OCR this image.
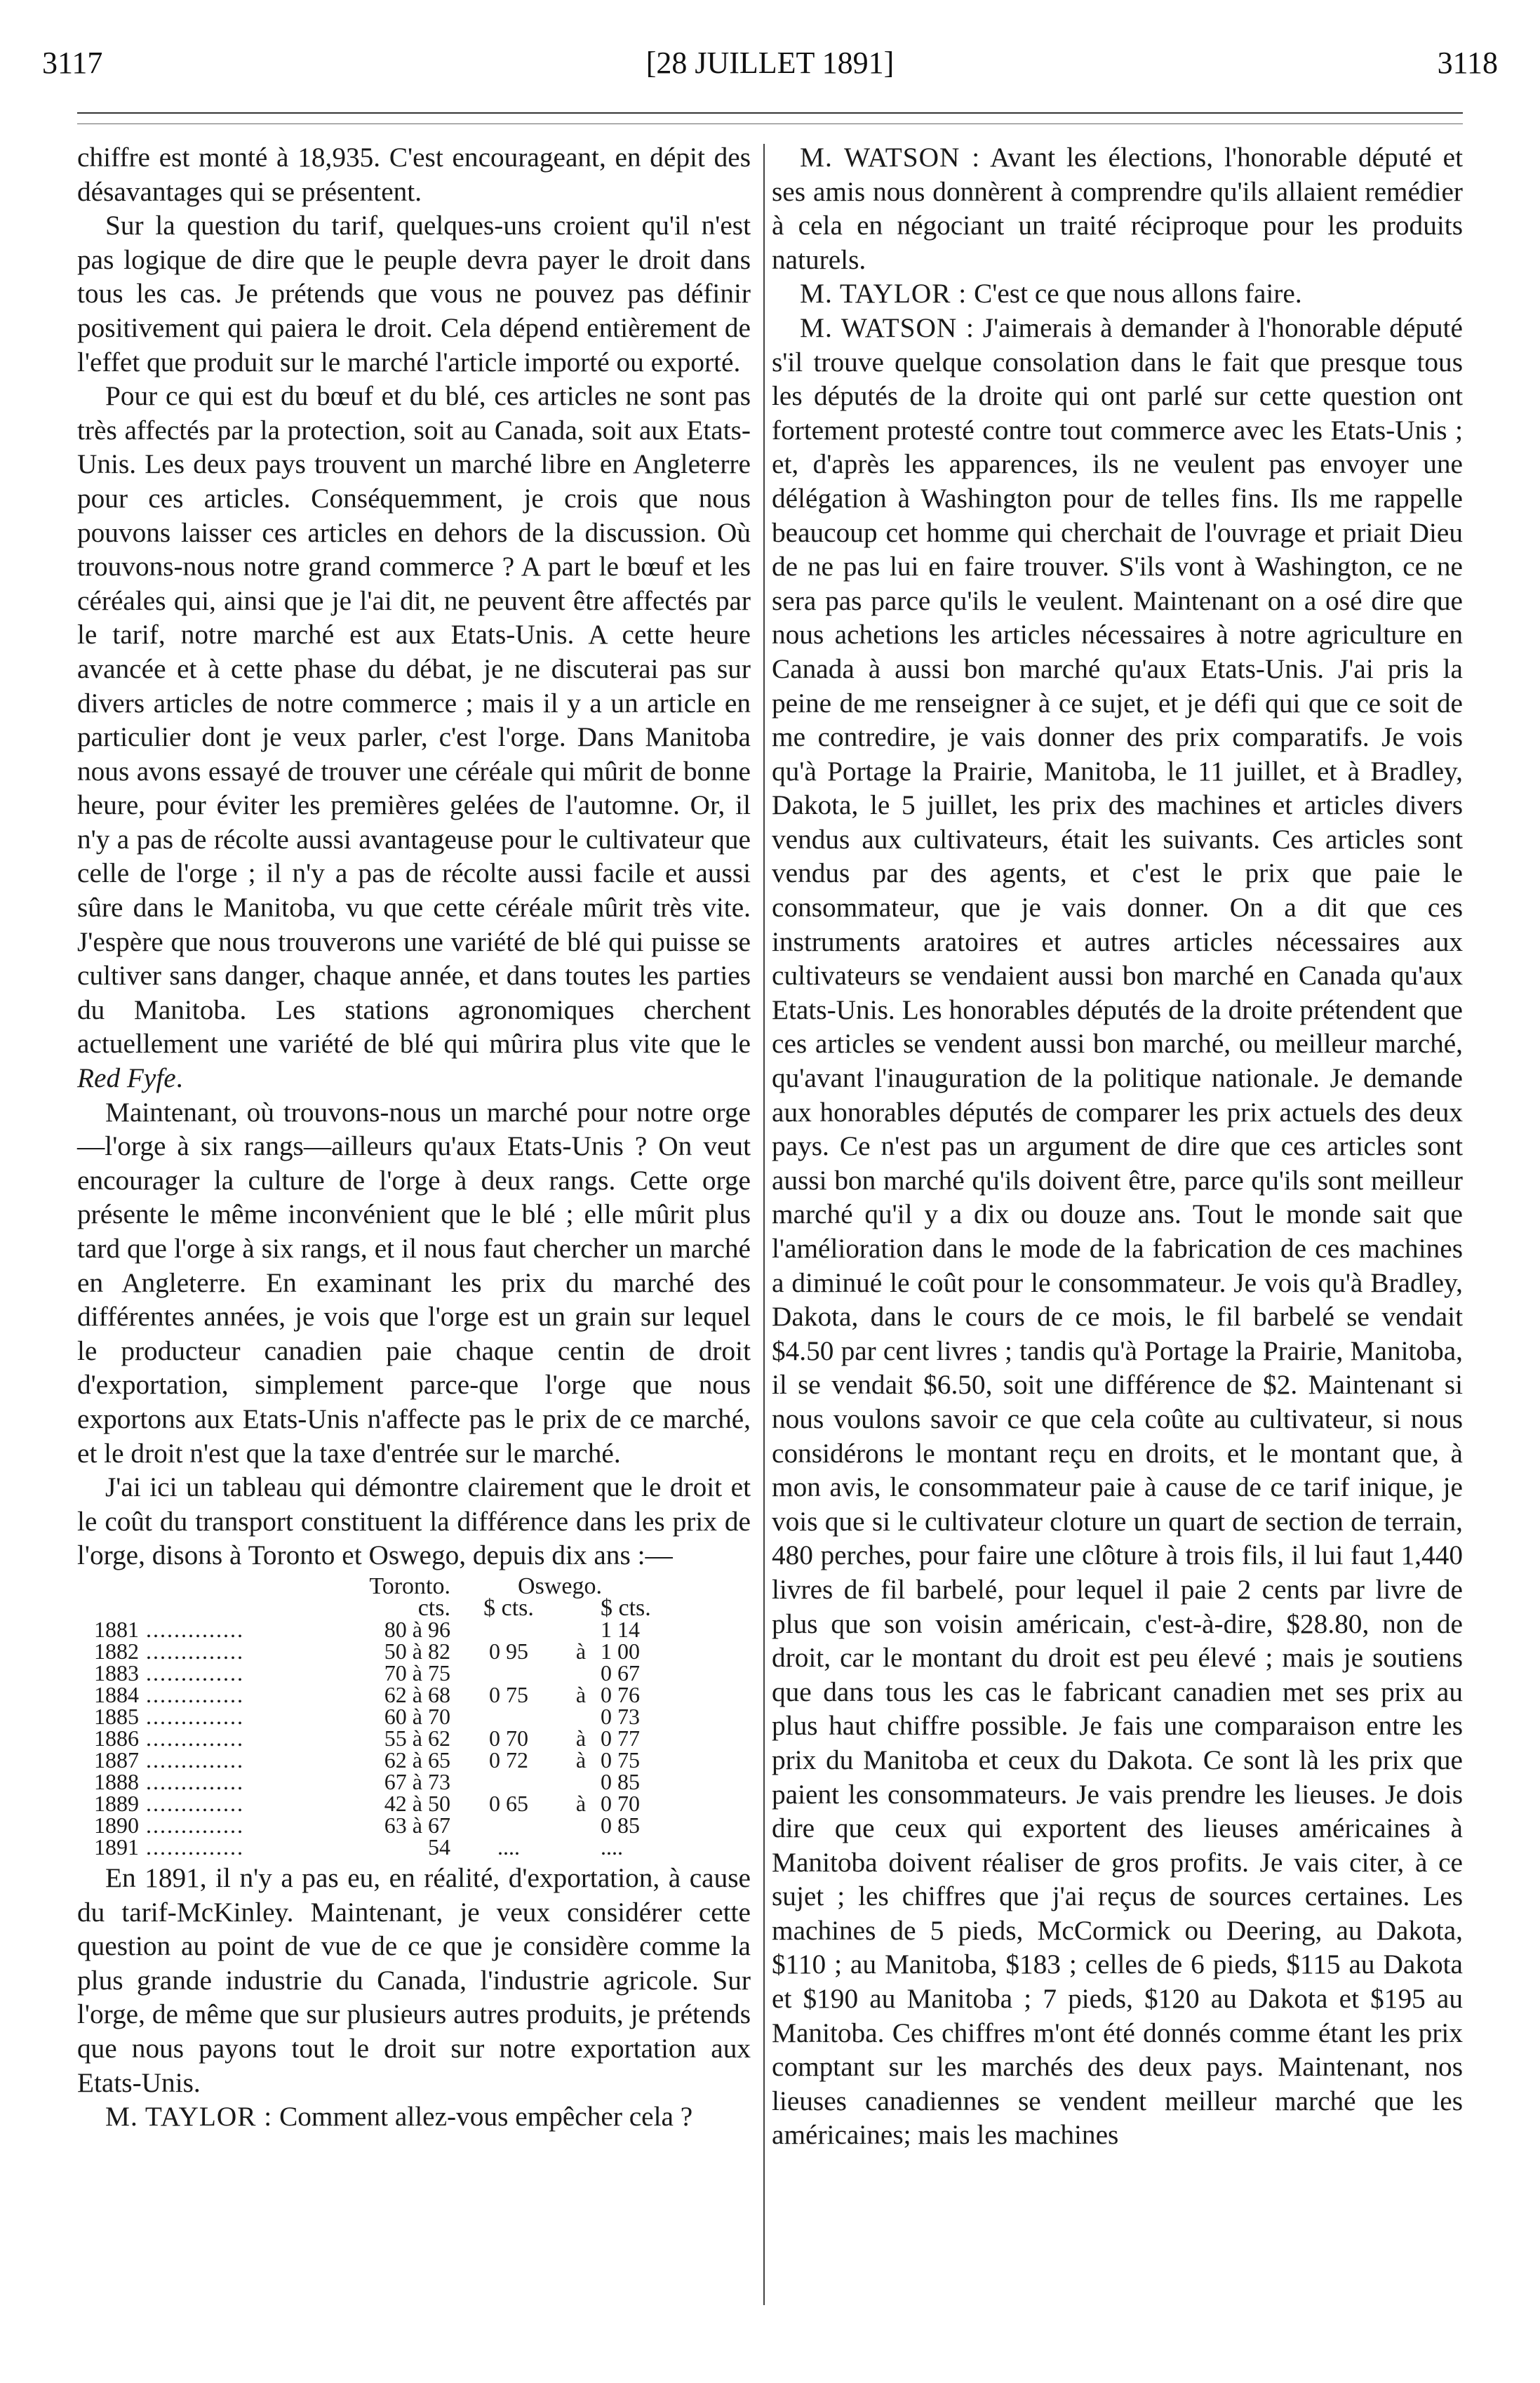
3117	[28 JUILLET 1891]	3118

chiffre est monté à 18,935. C'est encourageant, en dépit des désavantages qui se présentent.

Sur la question du tarif, quelques-uns croient qu'il n'est pas logique de dire que le peuple devra payer le droit dans tous les cas. Je prétends que vous ne pouvez pas définir positivement qui paiera le droit. Cela dépend entièrement de l'effet que produit sur le marché l'article importé ou exporté.

Pour ce qui est du bœuf et du blé, ces articles ne sont pas très affectés par la protection, soit au Canada, soit aux Etats-Unis. Les deux pays trouvent un marché libre en Angleterre pour ces articles. Conséquemment, je crois que nous pouvons laisser ces articles en dehors de la discussion. Où trouvons-nous notre grand commerce ? A part le bœuf et les céréales qui, ainsi que je l'ai dit, ne peuvent être affectés par le tarif, notre marché est aux Etats-Unis. A cette heure avancée et à cette phase du débat, je ne discuterai pas sur divers articles de notre commerce ; mais il y a un article en particulier dont je veux parler, c'est l'orge. Dans Manitoba nous avons essayé de trouver une céréale qui mûrit de bonne heure, pour éviter les premières gelées de l'automne. Or, il n'y a pas de récolte aussi avantageuse pour le cultivateur que celle de l'orge ; il n'y a pas de récolte aussi facile et aussi sûre dans le Manitoba, vu que cette céréale mûrit très vite. J'espère que nous trouverons une variété de blé qui puisse se cultiver sans danger, chaque année, et dans toutes les parties du Manitoba. Les stations agronomiques cherchent actuellement une variété de blé qui mûrira plus vite que le Red Fyfe.

Maintenant, où trouvons-nous un marché pour notre orge—l'orge à six rangs—ailleurs qu'aux Etats-Unis ? On veut encourager la culture de l'orge à deux rangs. Cette orge présente le même inconvénient que le blé ; elle mûrit plus tard que l'orge à six rangs, et il nous faut chercher un marché en Angleterre. En examinant les prix du marché des différentes années, je vois que l'orge est un grain sur lequel le producteur canadien paie chaque centin de droit d'exportation, simplement parce-que l'orge que nous exportons aux Etats-Unis n'affecte pas le prix de ce marché, et le droit n'est que la taxe d'entrée sur le marché.

J'ai ici un tableau qui démontre clairement que le droit et le coût du transport constituent la différence dans les prix de l'orge, disons à Toronto et Oswego, depuis dix ans :—

	Toronto.	Oswego.		
	cts.	$ cts.		$ cts.
1881 ..............	80 à 96			1 14
1882 ..............	50 à 82	0 95	à	1 00
1883 ..............	70 à 75			0 67
1884 ..............	62 à 68	0 75	à	0 76
1885 ..............	60 à 70			0 73
1886 ..............	55 à 62	0 70	à	0 77
1887 ..............	62 à 65	0 72	à	0 75
1888 ..............	67 à 73			0 85
1889 ..............	42 à 50	0 65	à	0 70
1890 ..............	63 à 67			0 85
1891 ..............	54	....		....

En 1891, il n'y a pas eu, en réalité, d'exportation, à cause du tarif-McKinley. Maintenant, je veux considérer cette question au point de vue de ce que je considère comme la plus grande industrie du Canada, l'industrie agricole. Sur l'orge, de même que sur plusieurs autres produits, je prétends que nous payons tout le droit sur notre exportation aux Etats-Unis.

M. TAYLOR : Comment allez-vous empêcher cela ?

M. WATSON : Avant les élections, l'honorable député et ses amis nous donnèrent à comprendre qu'ils allaient remédier à cela en négociant un traité réciproque pour les produits naturels.

M. TAYLOR : C'est ce que nous allons faire.

M. WATSON : J'aimerais à demander à l'honorable député s'il trouve quelque consolation dans le fait que presque tous les députés de la droite qui ont parlé sur cette question ont fortement protesté contre tout commerce avec les Etats-Unis ; et, d'après les apparences, ils ne veulent pas envoyer une délégation à Washington pour de telles fins. Ils me rappelle beaucoup cet homme qui cherchait de l'ouvrage et priait Dieu de ne pas lui en faire trouver. S'ils vont à Washington, ce ne sera pas parce qu'ils le veulent. Maintenant on a osé dire que nous achetions les articles nécessaires à notre agriculture en Canada à aussi bon marché qu'aux Etats-Unis. J'ai pris la peine de me renseigner à ce sujet, et je défi qui que ce soit de me contredire, je vais donner des prix comparatifs. Je vois qu'à Portage la Prairie, Manitoba, le 11 juillet, et à Bradley, Dakota, le 5 juillet, les prix des machines et articles divers vendus aux cultivateurs, était les suivants. Ces articles sont vendus par des agents, et c'est le prix que paie le consommateur, que je vais donner. On a dit que ces instruments aratoires et autres articles nécessaires aux cultivateurs se vendaient aussi bon marché en Canada qu'aux Etats-Unis. Les honorables députés de la droite prétendent que ces articles se vendent aussi bon marché, ou meilleur marché, qu'avant l'inauguration de la politique nationale. Je demande aux honorables députés de comparer les prix actuels des deux pays. Ce n'est pas un argument de dire que ces articles sont aussi bon marché qu'ils doivent être, parce qu'ils sont meilleur marché qu'il y a dix ou douze ans. Tout le monde sait que l'amélioration dans le mode de la fabrication de ces machines a diminué le coût pour le consommateur. Je vois qu'à Bradley, Dakota, dans le cours de ce mois, le fil barbelé se vendait $4.50 par cent livres ; tandis qu'à Portage la Prairie, Manitoba, il se vendait $6.50, soit une différence de $2. Maintenant si nous voulons savoir ce que cela coûte au cultivateur, si nous considérons le montant reçu en droits, et le montant que, à mon avis, le consommateur paie à cause de ce tarif inique, je vois que si le cultivateur cloture un quart de section de terrain, 480 perches, pour faire une clôture à trois fils, il lui faut 1,440 livres de fil barbelé, pour lequel il paie 2 cents par livre de plus que son voisin américain, c'est-à-dire, $28.80, non de droit, car le montant du droit est peu élevé ; mais je soutiens que dans tous les cas le fabricant canadien met ses prix au plus haut chiffre possible. Je fais une comparaison entre les prix du Manitoba et ceux du Dakota. Ce sont là les prix que paient les consommateurs. Je vais prendre les lieuses. Je dois dire que ceux qui exportent des lieuses américaines à Manitoba doivent réaliser de gros profits. Je vais citer, à ce sujet ; les chiffres que j'ai reçus de sources certaines. Les machines de 5 pieds, McCormick ou Deering, au Dakota, $110 ; au Manitoba, $183 ; celles de 6 pieds, $115 au Dakota et $190 au Manitoba ; 7 pieds, $120 au Dakota et $195 au Manitoba. Ces chiffres m'ont été donnés comme étant les prix comptant sur les marchés des deux pays. Maintenant, nos lieuses canadiennes se vendent meilleur marché que les américaines; mais les machines
